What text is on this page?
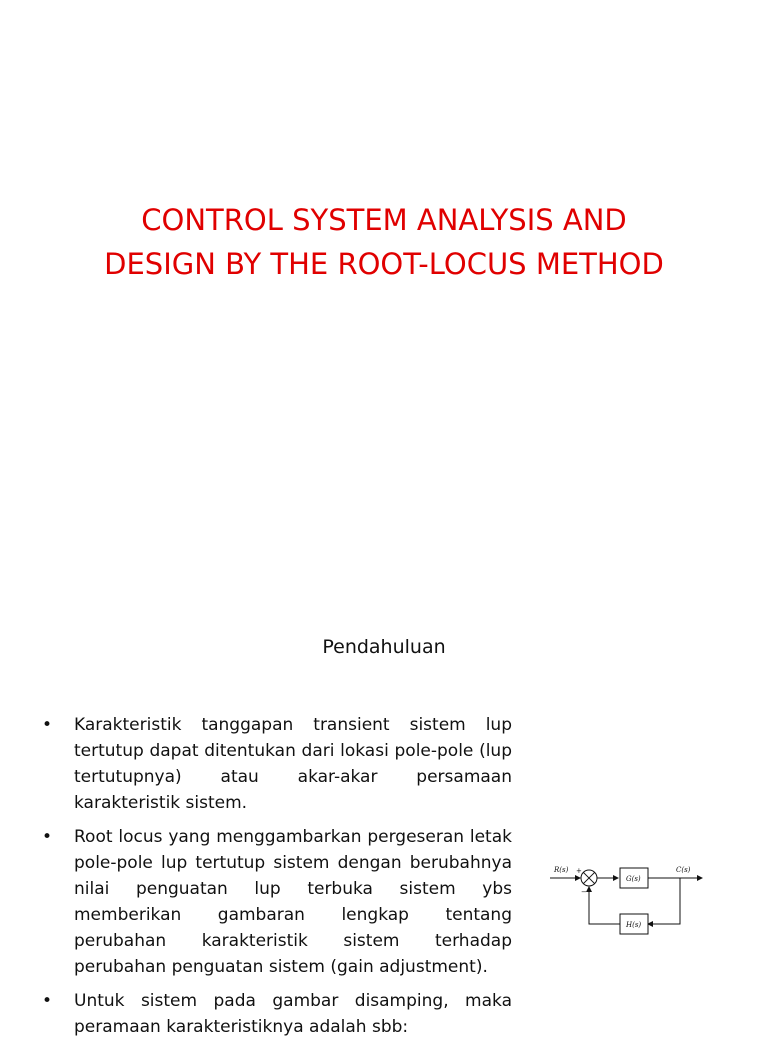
CONTROL SYSTEM ANALYSIS AND
DESIGN BY THE ROOT-LOCUS METHOD
Pendahuluan
• Karakteristik tanggapan transient sistem lup tertutup dapat ditentukan dari lokasi pole-pole (lup tertutupnya) atau akar-akar persamaan karakteristik sistem.
• Root locus yang menggambarkan pergeseran letak pole-pole lup tertutup sistem dengan berubahnya nilai penguatan lup terbuka sistem ybs memberikan gambaran lengkap tentang perubahan karakteristik sistem terhadap perubahan penguatan sistem (gain adjustment).
• Untuk sistem pada gambar disamping, maka peramaan karakteristiknya adalah sbb:
R(s)	C(s)
G(s)
H(s)
+
−
